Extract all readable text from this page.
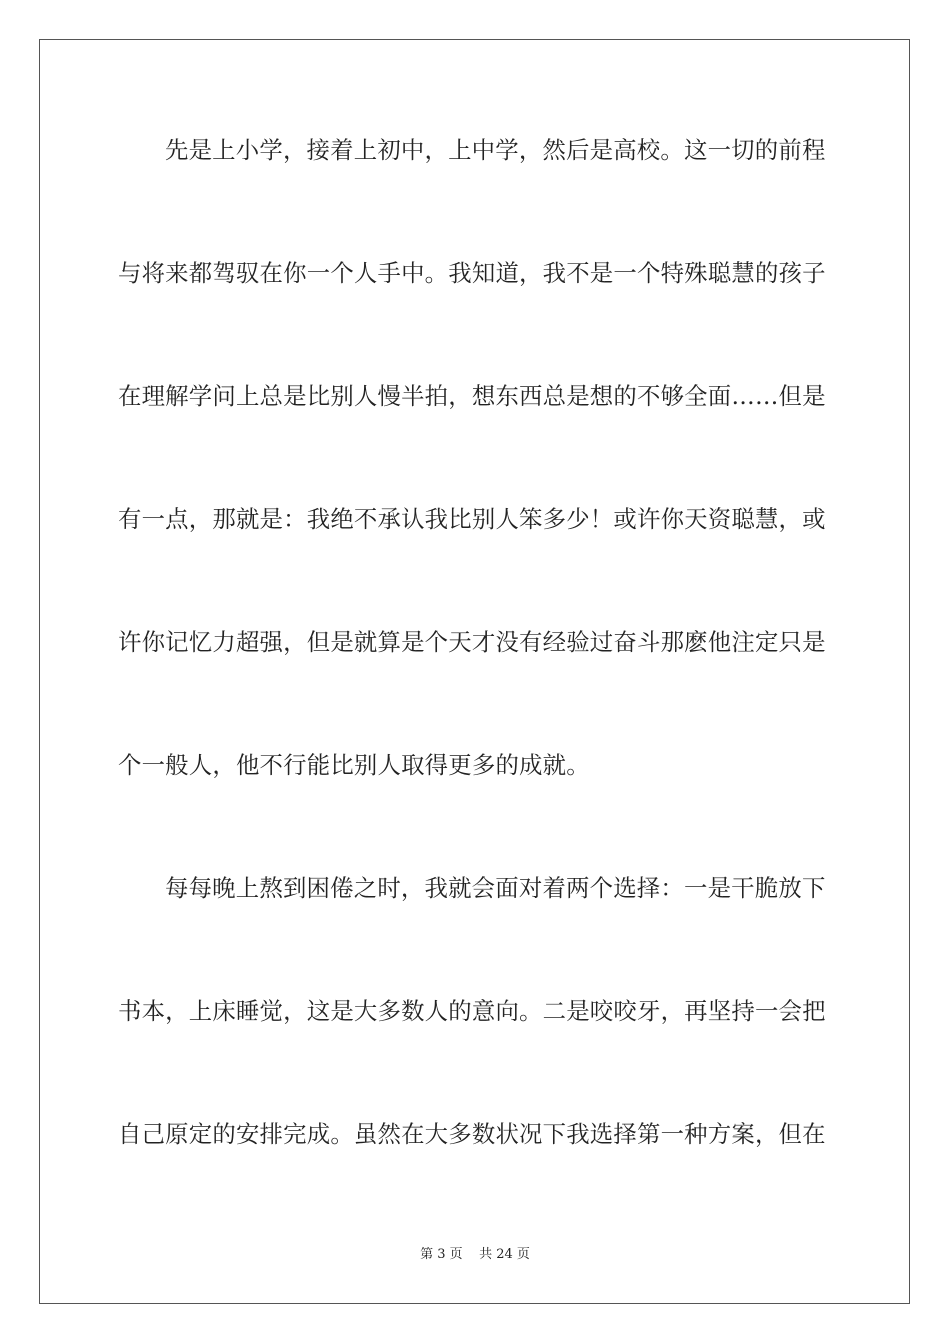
先是上小学，接着上初中，上中学，然后是高校。这一切的前程
与将来都驾驭在你一个人手中。我知道，我不是一个特殊聪慧的孩子
在理解学问上总是比别人慢半拍，想东西总是想的不够全面……但是
有一点，那就是：我绝不承认我比别人笨多少！或许你天资聪慧，或
许你记忆力超强，但是就算是个天才没有经验过奋斗那麽他注定只是
个一般人，他不行能比别人取得更多的成就。
每每晚上熬到困倦之时，我就会面对着两个选择：一是干脆放下
书本，上床睡觉，这是大多数人的意向。二是咬咬牙，再坚持一会把
自己原定的安排完成。虽然在大多数状况下我选择第一种方案，但在
第 3 页    共 24 页
